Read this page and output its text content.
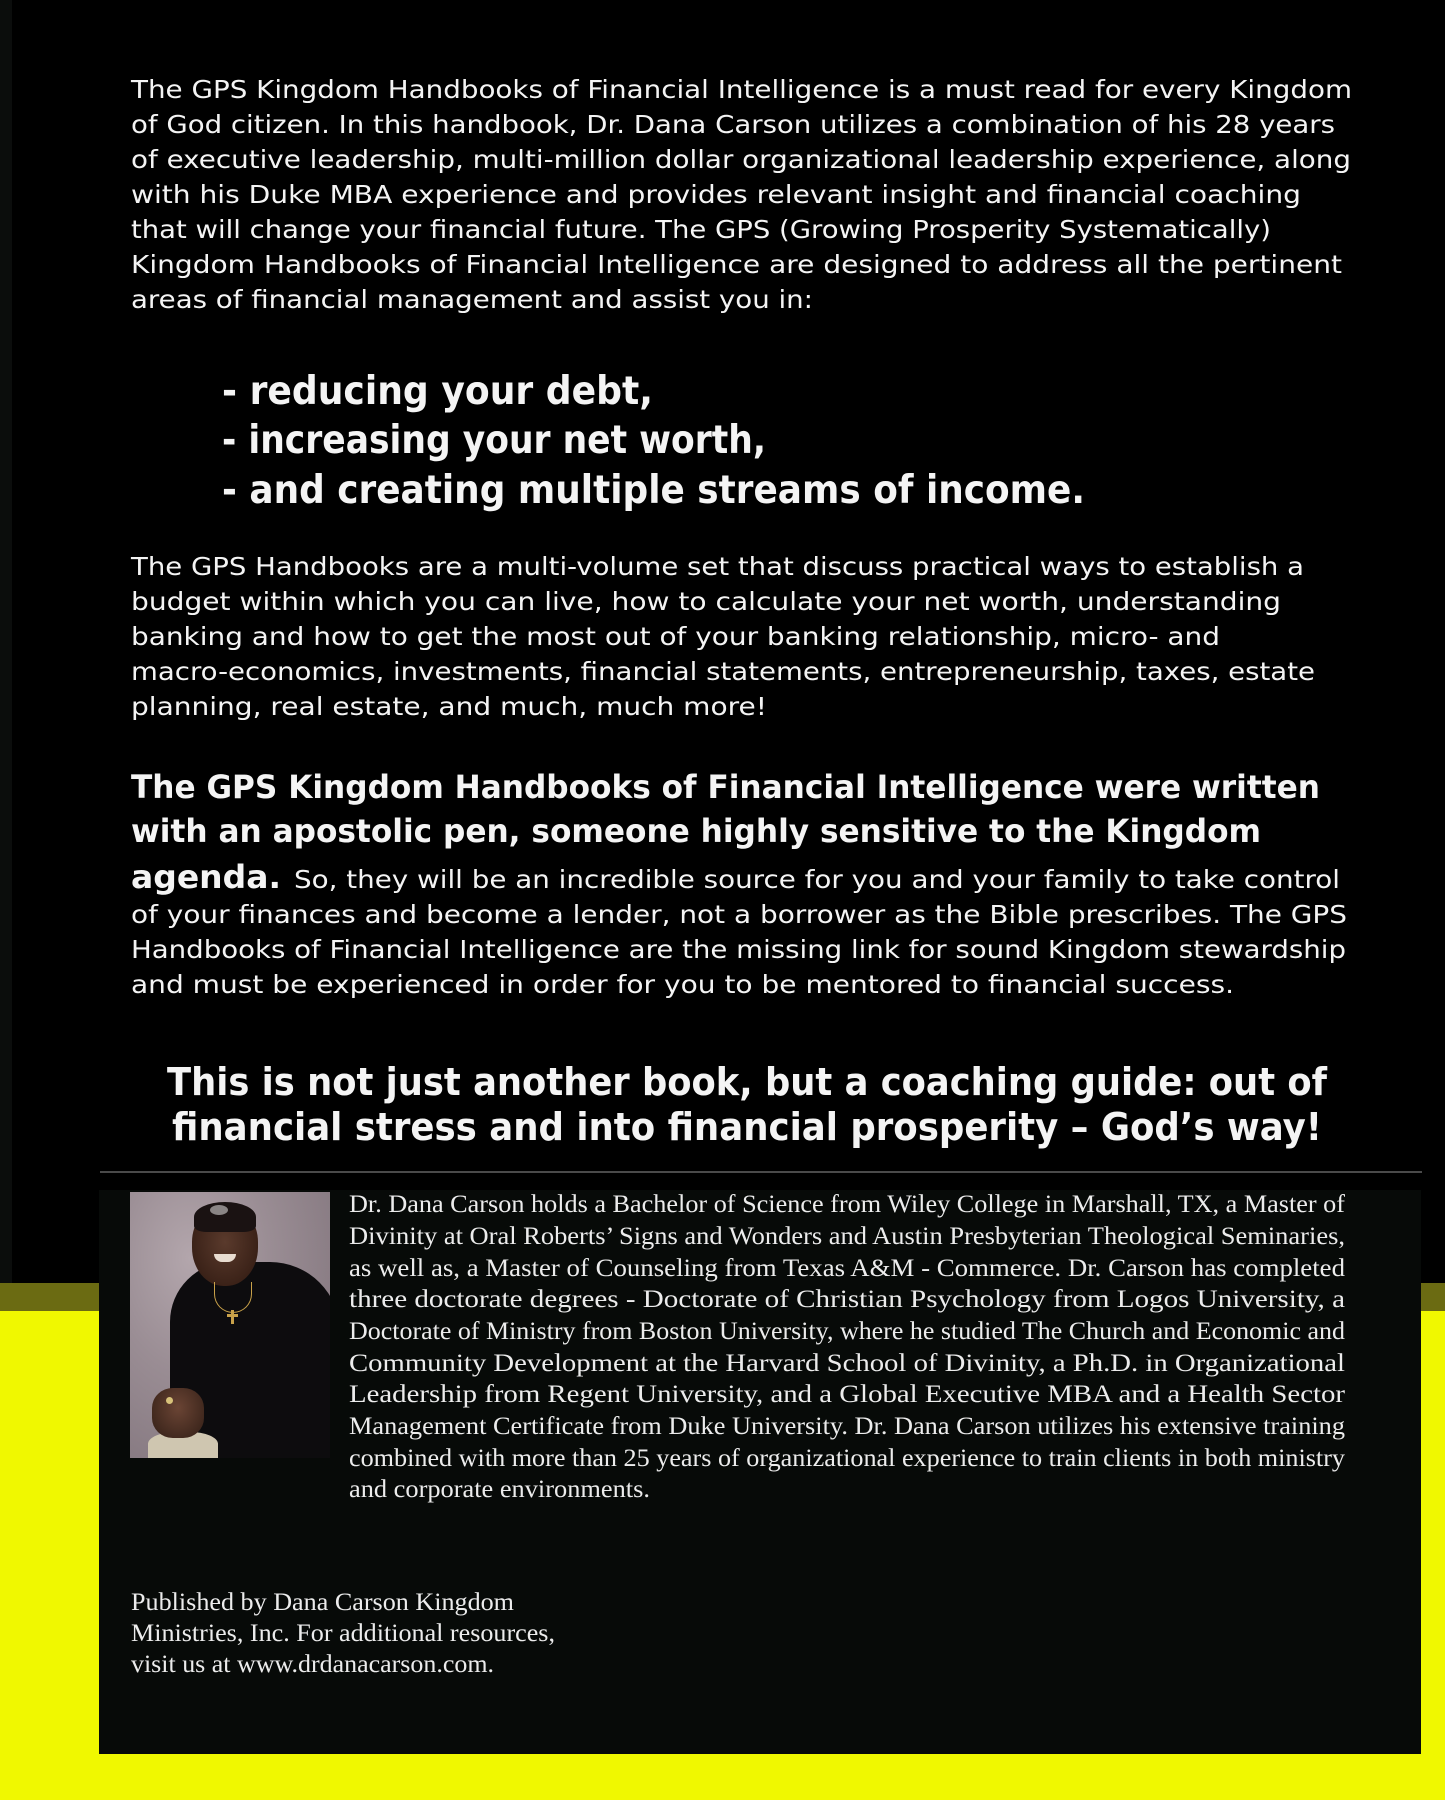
The GPS Kingdom Handbooks of Financial Intelligence is a must read for every Kingdom
of God citizen. In this handbook, Dr. Dana Carson utilizes a combination of his 28 years
of executive leadership, multi-million dollar organizational leadership experience, along
with his Duke MBA experience and provides relevant insight and financial coaching
that will change your financial future. The GPS (Growing Prosperity Systematically)
Kingdom Handbooks of Financial Intelligence are designed to address all the pertinent
areas of financial management and assist you in:
- reducing your debt,
- increasing your net worth,
- and creating multiple streams of income.
The GPS Handbooks are a multi-volume set that discuss practical ways to establish a
budget within which you can live, how to calculate your net worth, understanding
banking and how to get the most out of your banking relationship, micro- and
macro-economics, investments, financial statements, entrepreneurship, taxes, estate
planning, real estate, and much, much more!
The GPS Kingdom Handbooks of Financial Intelligence were written
with an apostolic pen, someone highly sensitive to the Kingdom
agenda. So, they will be an incredible source for you and your family to take control
of your finances and become a lender, not a borrower as the Bible prescribes. The GPS
Handbooks of Financial Intelligence are the missing link for sound Kingdom stewardship
and must be experienced in order for you to be mentored to financial success.
This is not just another book, but a coaching guide: out of
financial stress and into financial prosperity – God’s way!
Dr. Dana Carson holds a Bachelor of Science from Wiley College in Marshall, TX, a Master of
Divinity at Oral Roberts’ Signs and Wonders and Austin Presbyterian Theological Seminaries,
as well as, a Master of Counseling from Texas A&M - Commerce. Dr. Carson has completed
three doctorate degrees - Doctorate of Christian Psychology from Logos University, a
Doctorate of Ministry from Boston University, where he studied The Church and Economic and
Community Development at the Harvard School of Divinity, a Ph.D. in Organizational
Leadership from Regent University, and a Global Executive MBA and a Health Sector
Management Certificate from Duke University. Dr. Dana Carson utilizes his extensive training
combined with more than 25 years of organizational experience to train clients in both ministry
and corporate environments.
Published by Dana Carson Kingdom
Ministries, Inc. For additional resources,
visit us at www.drdanacarson.com.
